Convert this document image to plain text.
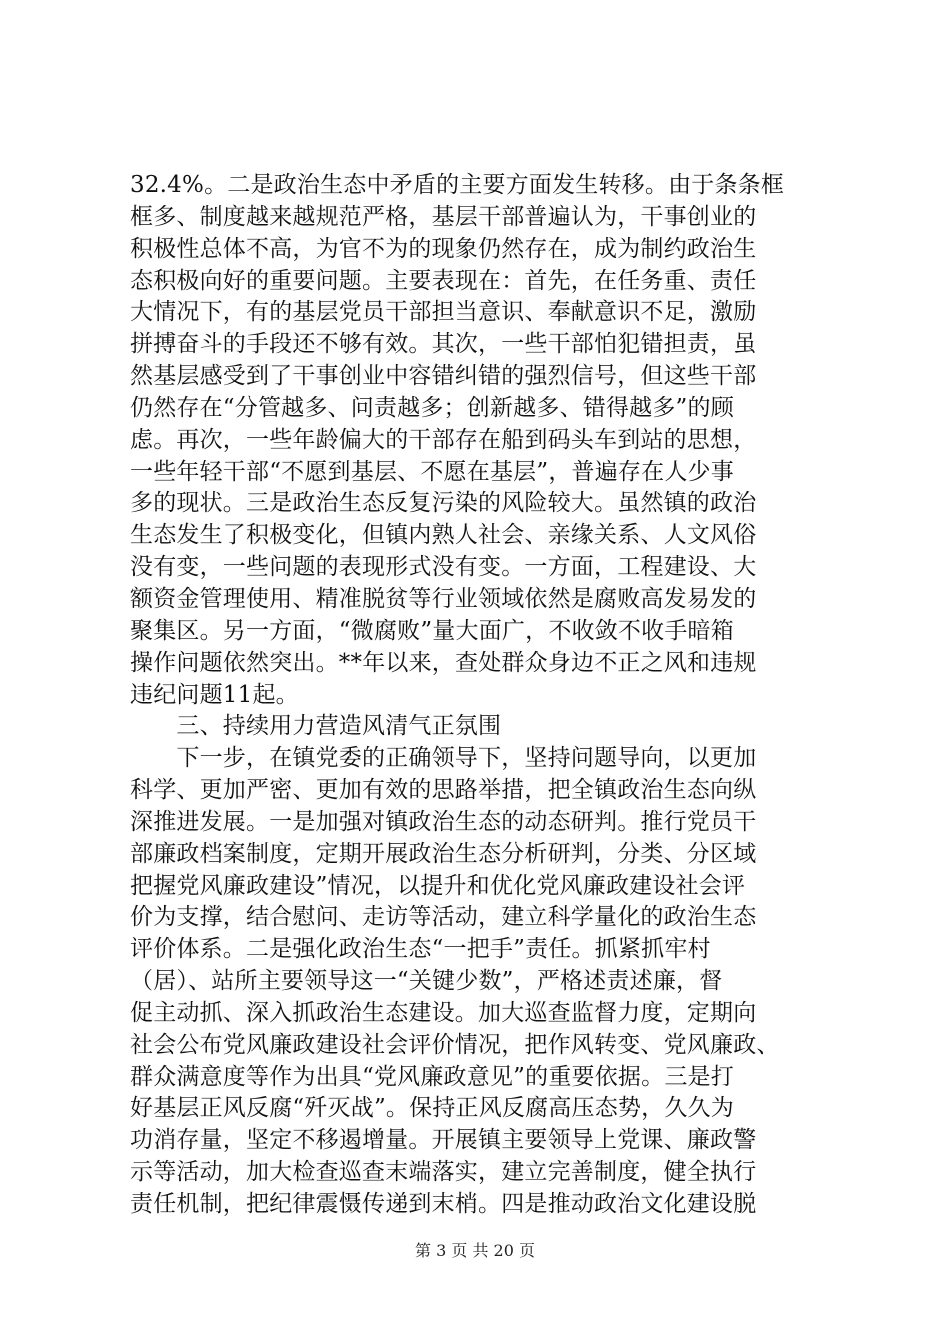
32.4%。二是政治生态中矛盾的主要方面发生转移。由于条条框
框多、制度越来越规范严格，基层干部普遍认为，干事创业的
积极性总体不高，为官不为的现象仍然存在，成为制约政治生
态积极向好的重要问题。主要表现在：首先，在任务重、责任
大情况下，有的基层党员干部担当意识、奉献意识不足，激励
拼搏奋斗的手段还不够有效。其次，一些干部怕犯错担责，虽
然基层感受到了干事创业中容错纠错的强烈信号，但这些干部
仍然存在“分管越多、问责越多；创新越多、错得越多”的顾
虑。再次，一些年龄偏大的干部存在船到码头车到站的思想，
一些年轻干部“不愿到基层、不愿在基层”，普遍存在人少事
多的现状。三是政治生态反复污染的风险较大。虽然镇的政治
生态发生了积极变化，但镇内熟人社会、亲缘关系、人文风俗
没有变，一些问题的表现形式没有变。一方面，工程建设、大
额资金管理使用、精准脱贫等行业领域依然是腐败高发易发的
聚集区。另一方面，“微腐败”量大面广，不收敛不收手暗箱
操作问题依然突出。**年以来，查处群众身边不正之风和违规
违纪问题11起。
　　三、持续用力营造风清气正氛围
　　下一步，在镇党委的正确领导下，坚持问题导向，以更加
科学、更加严密、更加有效的思路举措，把全镇政治生态向纵
深推进发展。一是加强对镇政治生态的动态研判。推行党员干
部廉政档案制度，定期开展政治生态分析研判，分类、分区域
把握党风廉政建设”情况，以提升和优化党风廉政建设社会评
价为支撑，结合慰问、走访等活动，建立科学量化的政治生态
评价体系。二是强化政治生态“一把手”责任。抓紧抓牢村
（居）、站所主要领导这一“关键少数”，严格述责述廉，督
促主动抓、深入抓政治生态建设。加大巡查监督力度，定期向
社会公布党风廉政建设社会评价情况，把作风转变、党风廉政、
群众满意度等作为出具“党风廉政意见”的重要依据。三是打
好基层正风反腐“歼灭战”。保持正风反腐高压态势，久久为
功消存量，坚定不移遏增量。开展镇主要领导上党课、廉政警
示等活动，加大检查巡查末端落实，建立完善制度，健全执行
责任机制，把纪律震慑传递到末梢。四是推动政治文化建设脱
第 3 页 共 20 页
